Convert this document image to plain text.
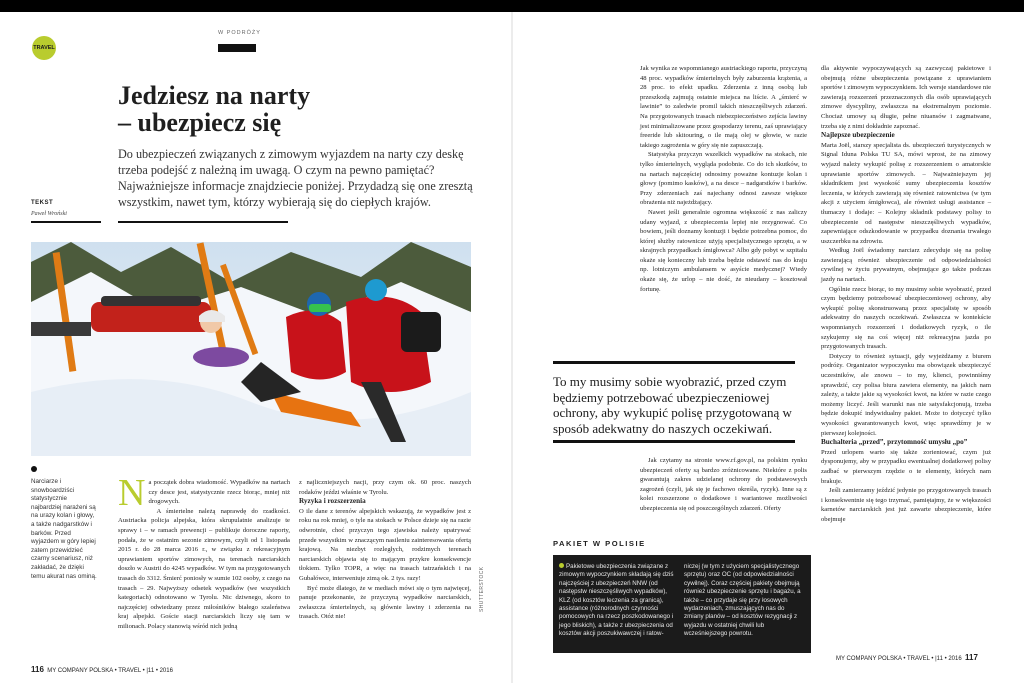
TRAVEL
W PODRÓŻY
Jedziesz na narty
– ubezpiecz się

Do ubezpieczeń związanych z zimowym wyjazdem na narty czy deskę trzeba podejść z należną im uwagą. O czym na pewno pamiętać? Najważniejsze informacje znajdziecie poniżej. Przydadzą się one zresztą wszystkim, nawet tym, którzy wybierają się do ciepłych krajów.

TEKST
Paweł Wroński
SHUTTERSTOCK
Narciarze i snowboardziści statystycznie najbardziej narażeni są na urazy kolan i głowy, a także nadgarstków i barków. Przed wyjazdem w góry lepiej zatem przewidzieć czarny scenariusz, niż zakładać, że dzięki temu akurat nas ominą.

Na początek dobra wiadomość. Wypadków na nartach czy desce jest, statystycznie rzecz biorąc, mniej niż drogowych.

A śmiertelne należą naprawdę do rzadkości. Austriacka policja alpejska, która skrupulatnie analizuje te sprawy i – w ramach prewencji – publikuje doroczne raporty, podała, że w ostatnim sezonie zimowym, czyli od 1 listopada 2015 r. do 28 marca 2016 r., w związku z rekreacyjnym uprawianiem sportów zimowych, na terenach narciarskich doszło w Austrii do 4245 wypadków. W tym na przygotowanych trasach do 3312. Śmierć poniosły w sumie 102 osoby, z czego na trasach – 29. Najwyższy odsetek wypadków (we wszystkich kategoriach) odnotowano w Tyrolu. Nic dziwnego, skoro to najczęściej odwiedzany przez miłośników białego szaleństwa kraj alpejski. Goście stacji narciarskich liczy się tam w milionach. Polacy stanowią wśród nich jedną

z najliczniejszych nacji, przy czym ok. 60 proc. naszych rodaków jeździ właśnie w Tyrolu.

Ryzyka i rozszerzenia

O ile dane z terenów alpejskich wskazują, że wypadków jest z roku na rok mniej, o tyle na stokach w Polsce dzieje się na razie odwrotnie, choć przyczyn tego zjawiska należy upatrywać przede wszystkim w znaczącym nasileniu zainteresowania ofertą krajową. Na niezbyt rozległych, rodzimych terenach narciarskich objawia się to mającym przykre konsekwencje tłokiem. Tylko TOPR, a więc na trasach tatrzańskich i na Gubałówce, interweniuje zimą ok. 2 tys. razy!

Być może dlatego, że w mediach mówi się o tym najwięcej, panuje przekonanie, że przyczyną wypadków narciarskich, zwłaszcza śmiertelnych, są głównie lawiny i zderzenia na trasach. Otóż nie!

116 MY COMPANY POLSKA • TRAVEL • |11 • 2016

Jak wynika ze wspomnianego austriackiego raportu, przyczyną 48 proc. wypadków śmiertelnych były zaburzenia krążenia, a 28 proc. to efekt upadku. Zderzenia z inną osobą lub przeszkodą zajmują ostatnie miejsca na liście. A „śmierć w lawinie” to zaledwie promil takich nieszczęśliwych zdarzeń. Na przygotowanych trasach niebezpieczeństwo zejścia lawiny jest minimalizowane przez gospodarzy terenu, zaś uprawiający freeride lub skitouring, o ile mają olej w głowie, w razie takiego zagrożenia w góry się nie zapuszczają.

Statystyka przyczyn wszelkich wypadków na stokach, nie tylko śmiertelnych, wygląda podobnie. Co do ich skutków, to na nartach najczęściej odnosimy poważne kontuzje kolan i głowy (pomimo kasków), a na desce – nadgarstków i barków. Przy zderzeniach zaś najechany odnosi zawsze większe obrażenia niż najeżdżający.

Nawet jeśli generalnie ogromna większość z nas zaliczy udany wyjazd, z ubezpieczenia lepiej nie rezygnować. Co bowiem, jeśli doznamy kontuzji i będzie potrzebna pomoc, do której służby ratownicze użyją specjalistycznego sprzętu, a w skrajnych przypadkach śmigłowca? Albo gdy pobyt w szpitalu okaże się konieczny lub trzeba będzie odstawić nas do kraju np. lotniczym ambulansem w asyście medycznej? Wtedy okaże się, że urlop – nie dość, że nieudany – kosztował fortunę.

To my musimy sobie wyobrazić, przed czym będziemy potrzebować ubezpieczeniowej ochrony, aby wykupić polisę przygotowaną w sposób adekwatny do naszych oczekiwań.

Jak czytamy na stronie www.rf.gov.pl, na polskim rynku ubezpieczeń oferty są bardzo zróżnicowane. Niektóre z polis gwarantują zakres udzielanej ochrony do podstawowych zagrożeń (czyli, jak się je fachowo określa, ryzyk). Inne są z kolei rozszerzone o dodatkowe i wariantowe możliwości ubezpieczenia się od poszczególnych zdarzeń. Oferty

PAKIET W POLISIE
Pakietowe ubezpieczenia związane z zimowym wypoczynkiem składają się dziś najczęściej z ubezpieczeń NNW (od następstw nieszczęśliwych wypadków), KLZ (od kosztów leczenia za granicą), assistance (różnorodnych czynności pomocowych na rzecz poszkodowanego i jego bliskich), a także z ubezpieczenia od kosztów akcji poszukiwawczej i ratow-
niczej (w tym z użyciem specjalistycznego sprzętu) oraz OC (od odpowiedzialności cywilnej). Coraz częściej pakiety obejmują również ubezpieczenie sprzętu i bagażu, a także – co przydaje się przy łosowych wydarzeniach, zmuszających nas do zmiany planów – od kosztów rezygnacji z wyjazdu w ostatniej chwili lub wcześniejszego powrotu.

dla aktywnie wypoczywających są zazwyczaj pakietowe i obejmują różne ubezpieczenia powiązane z uprawianiem sportów i zimowym wypoczynkiem. Ich wersje standardowe nie zawierają rozszerzeń przeznaczonych dla osób uprawiających zimowe dyscypliny, zwłaszcza na ekstremalnym poziomie. Chociaż umowy są długie, pełne niuansów i zagmatwane, trzeba się z nimi dokładnie zapoznać.

Najlepsze ubezpieczenie

Marta Joël, starszy specjalista ds. ubezpieczeń turystycznych w Signal Iduna Polska TU SA, mówi wprost, że na zimowy wyjazd należy wykupić polisę z rozszerzeniem o amatorskie uprawianie sportów zimowych. – Najważniejszym jej składnikiem jest wysokość sumy ubezpieczenia kosztów leczenia, w których zawierają się również ratownictwa (w tym akcji z użyciem śmigłowca), ale również usługi assistance – tłumaczy i dodaje: – Kolejny składnik podstawy polisy to ubezpieczenie od następstw nieszczęśliwych wypadków, zapewniające odszkodowanie w przypadku doznania trwałego uszczerbku na zdrowiu.

Według Joël świadomy narciarz zdecyduje się na polisę zawierającą również ubezpieczenie od odpowiedzialności cywilnej w życiu prywatnym, obejmujące go także podczas jazdy na nartach.

Ogólnie rzecz biorąc, to my musimy sobie wyobrazić, przed czym będziemy potrzebować ubezpieczeniowej ochrony, aby wykupić polisę skonstruowaną przez specjalistę w sposób adekwatny do naszych oczekiwań. Zwłaszcza w kontekście wspomnianych rozszerzeń i dodatkowych ryzyk, o ile szykujemy się na coś więcej niż rekreacyjna jazda po przygotowanych trasach.

Dotyczy to również sytuacji, gdy wyjeżdżamy z biurem podróży. Organizator wypoczynku ma obowiązek ubezpieczyć uczestników, ale znowu – to my, klienci, powinniśmy sprawdzić, czy polisa biura zawiera elementy, na jakich nam zależy, a także jakie są wysokości kwot, na które w razie czego możemy liczyć. Jeśli warunki nas nie satysfakcjonują, trzeba będzie dokupić indywidualny pakiet. Może to dotyczyć tylko wysokości gwarantowanych kwot, więc sprawdźmy je w pierwszej kolejności.

Buchalteria „przed”, przytomność umysłu „po”

Przed urlopem warto się także zorientować, czym już dysponujemy, aby w przypadku ewentualnej dodatkowej polisy zadbać w pierwszym rzędzie o te elementy, których nam brakuje.

Jeśli zamierzamy jeździć jedynie po przygotowanych trasach i konsekwentnie się tego trzymać, pamiętajmy, że w większości karnetów narciarskich jest już zawarte ubezpieczenie, które obejmuje

MY COMPANY POLSKA • TRAVEL • |11 • 2016 117
